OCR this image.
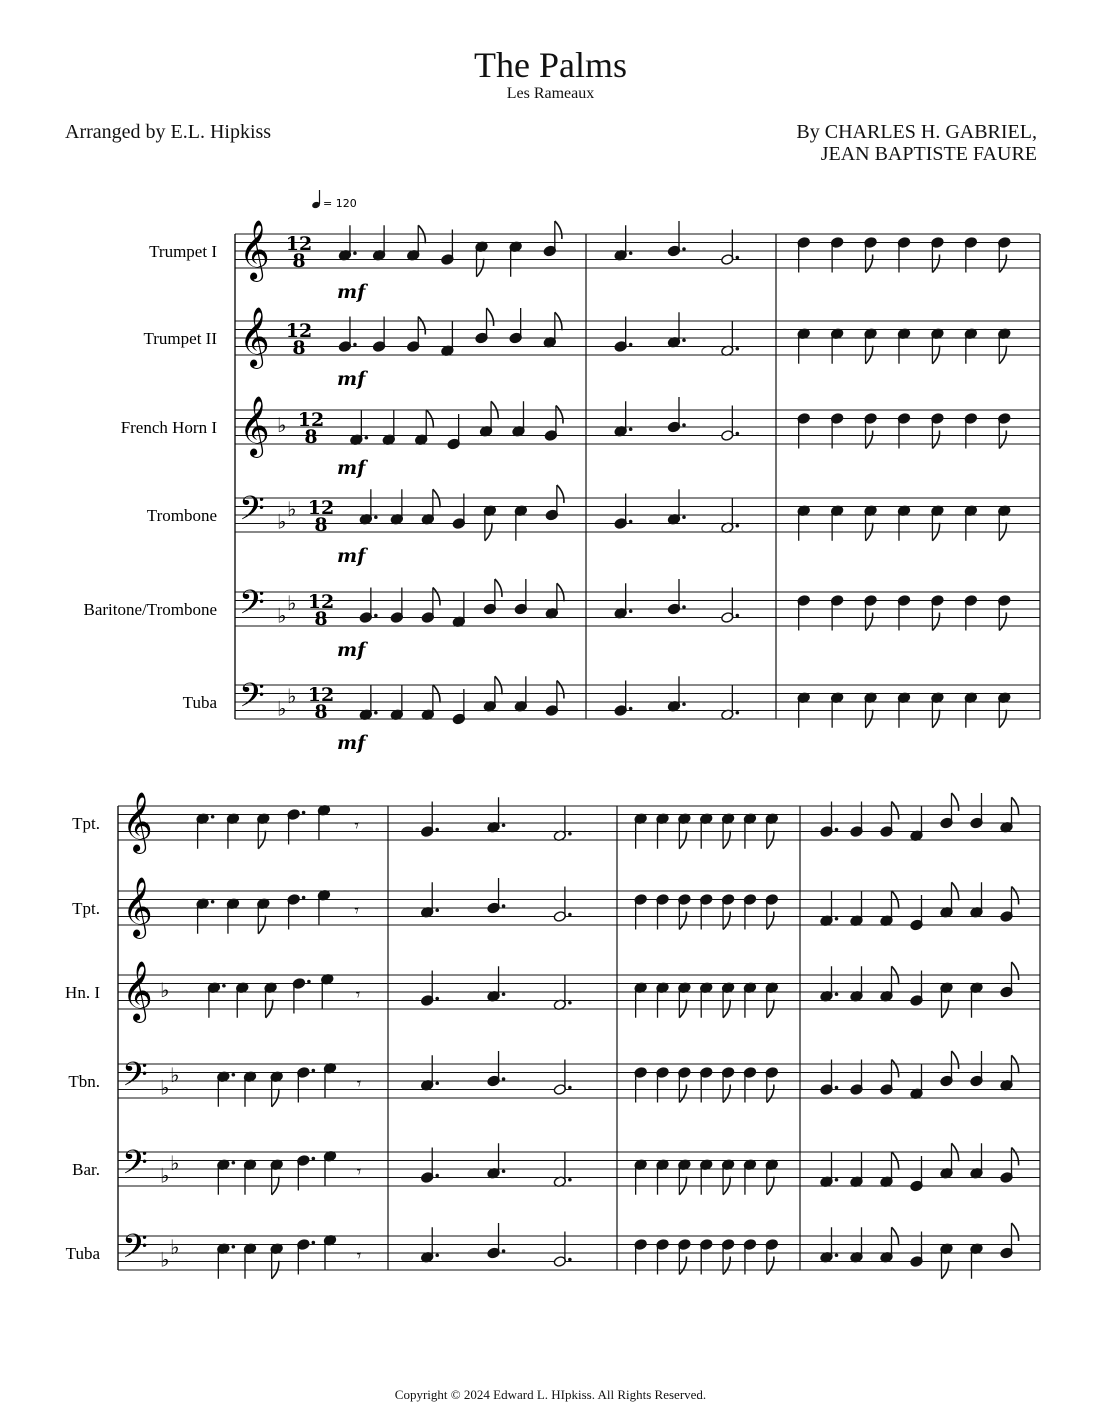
The Palms
Les Rameaux
Arranged by E.L. Hipkiss	By CHARLES H. GABRIEL,
JEAN BAPTISTE FAURE
= 120
Trumpet I 𝄞 12
8
mf
Trumpet II 𝄞 12
8
mf
French Horn I 𝄞 ♭ 12
8
mf
Trombone 𝄢 ♭
♭ 12
8
mf
Baritone/Trombone 𝄢 ♭
♭ 12
8
mf
Tuba 𝄢 ♭
♭ 12
8
mf
Tpt. 𝄞	𝄾
Tpt. 𝄞	𝄾
Hn. I 𝄞 ♭	𝄾
Tbn. 𝄢 ♭
♭	𝄾
Bar. 𝄢 ♭
♭	𝄾
Tuba 𝄢 ♭
♭	𝄾
Copyright © 2024 Edward L. HIpkiss. All Rights Reserved.
